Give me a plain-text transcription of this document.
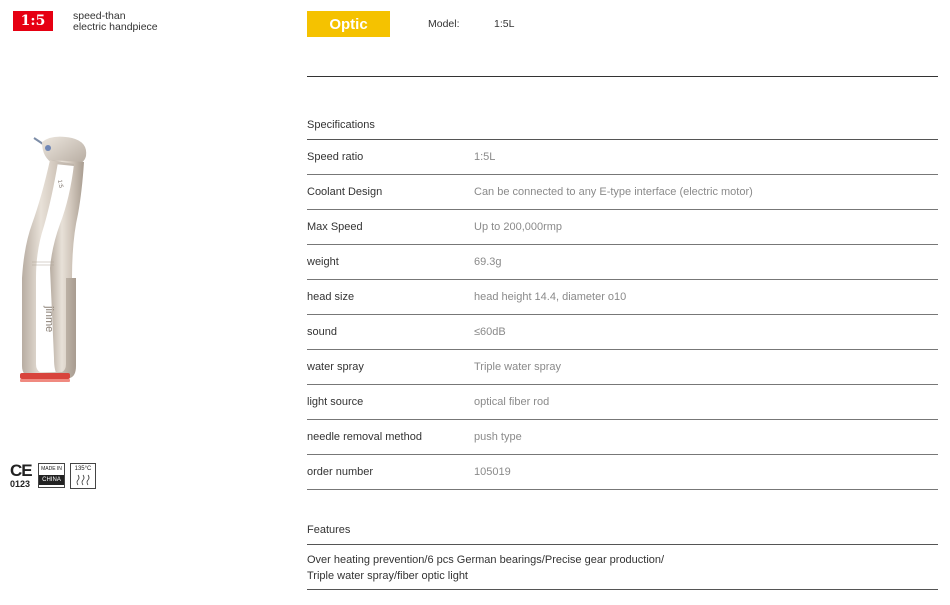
1:5	speed-than
electric handpiece	Optic	Model:	1:5L
Specifications
Speed ratio	1:5L
Coolant Design	Can be connected to any E-type interface (electric motor)
Max Speed	Up to 200,000rmp
weight	69.3g
head size	head height 14.4, diameter ο10
sound	≤60dB
water spray	Triple water spray
light source	optical fiber rod
needle removal method	push type
order number	105019
Features
Over heating prevention/6 pcs German bearings/Precise gear production/
Triple water spray/fiber optic light
1:5
jinme
CE
0123
MADE IN
CHINA
135°C
